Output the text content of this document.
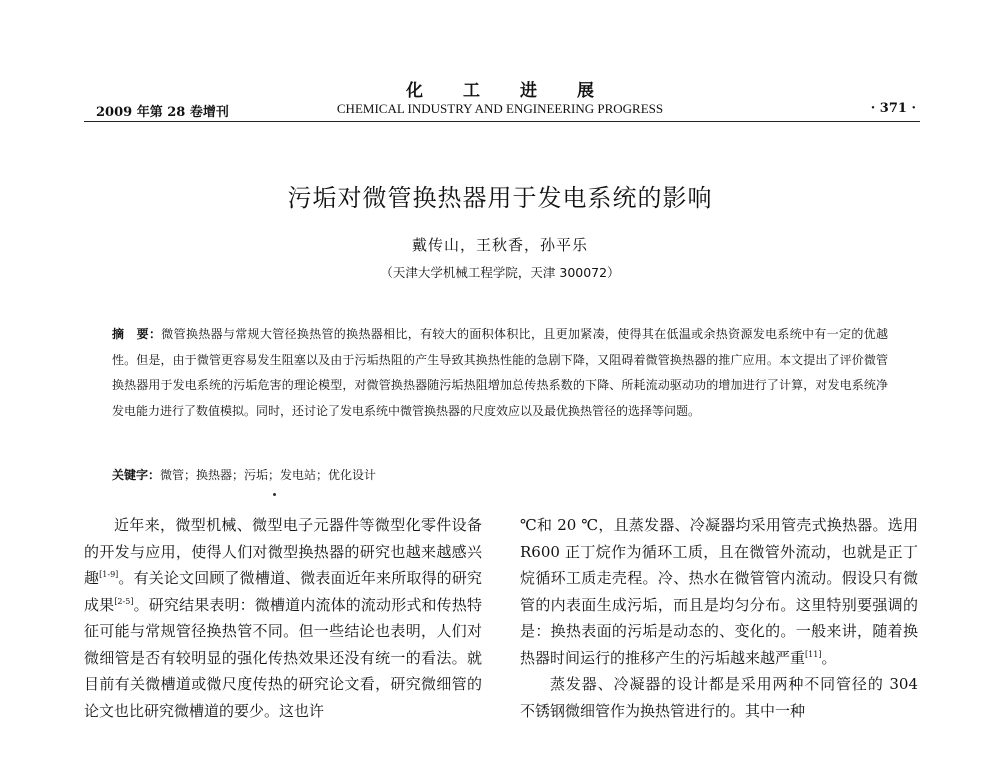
化工进展
2009 年第 28 卷增刊	CHEMICAL INDUSTRY AND ENGINEERING PROGRESS	· 371 ·
污垢对微管换热器用于发电系统的影响
戴传山，王秋香，孙平乐
（天津大学机械工程学院，天津 300072）
摘　要：微管换热器与常规大管径换热管的换热器相比，有较大的面积体积比，且更加紧凑，使得其在低温或余热资源发电系统中有一定的优越性。但是，由于微管更容易发生阻塞以及由于污垢热阻的产生导致其换热性能的急剧下降，又阻碍着微管换热器的推广应用。本文提出了评价微管换热器用于发电系统的污垢危害的理论模型，对微管换热器随污垢热阻增加总传热系数的下降、所耗流动驱动功的增加进行了计算，对发电系统净发电能力进行了数值模拟。同时，还讨论了发电系统中微管换热器的尺度效应以及最优换热管径的选择等问题。
关键字：微管；换热器；污垢；发电站；优化设计

近年来，微型机械、微型电子元器件等微型化零件设备的开发与应用，使得人们对微型换热器的研究也越来越感兴趣[1-9]。有关论文回顾了微槽道、微表面近年来所取得的研究成果[2-5]。研究结果表明：微槽道内流体的流动形式和传热特征可能与常规管径换热管不同。但一些结论也表明，人们对微细管是否有较明显的强化传热效果还没有统一的看法。就目前有关微槽道或微尺度传热的研究论文看，研究微细管的论文也比研究微槽道的要少。这也许

℃和 20 ℃，且蒸发器、冷凝器均采用管壳式换热器。选用 R600 正丁烷作为循环工质，且在微管外流动，也就是正丁烷循环工质走壳程。冷、热水在微管管内流动。假设只有微管的内表面生成污垢，而且是均匀分布。这里特别要强调的是：换热表面的污垢是动态的、变化的。一般来讲，随着换热器时间运行的推移产生的污垢越来越严重[11]。

蒸发器、冷凝器的设计都是采用两种不同管径的 304 不锈钢微细管作为换热管进行的。其中一种
